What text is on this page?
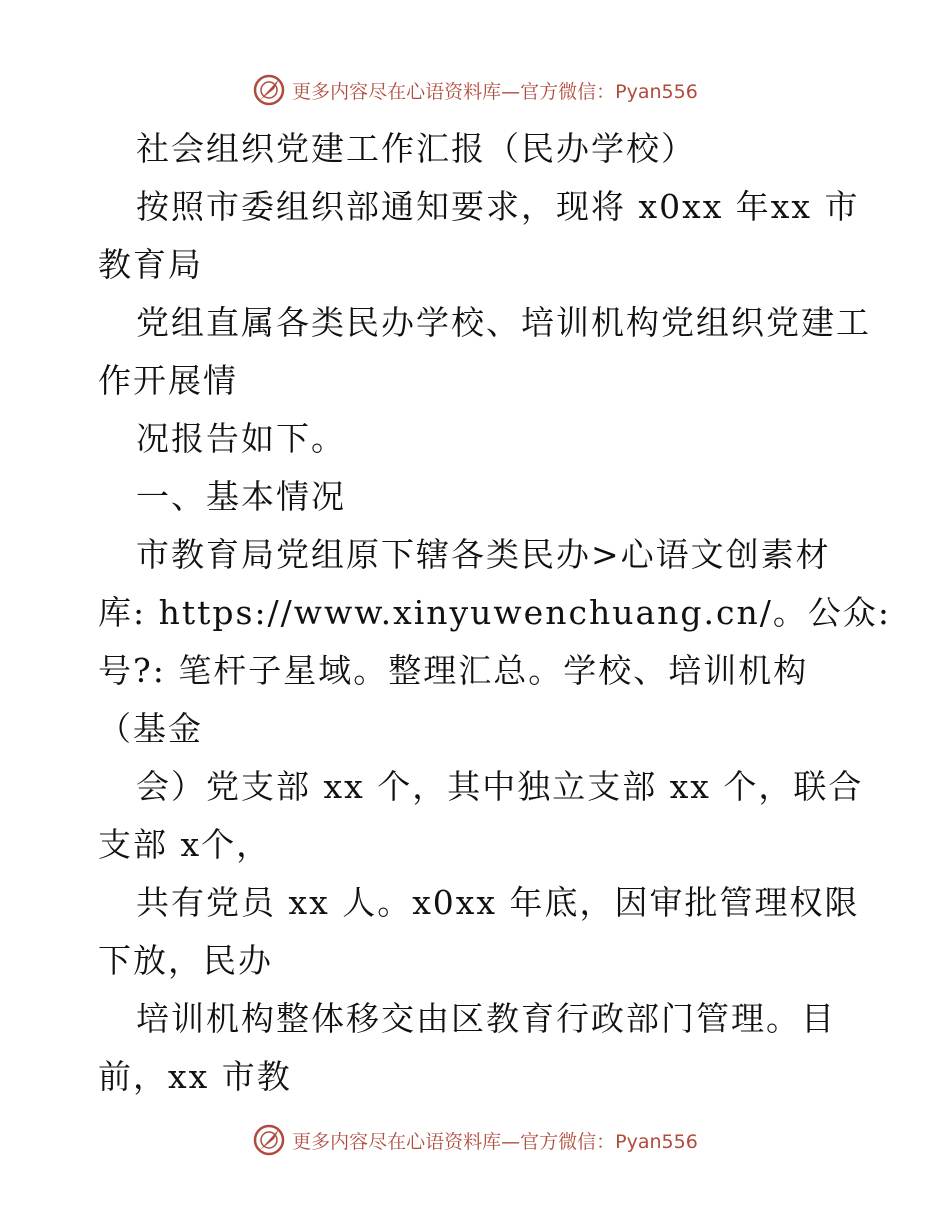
更多内容尽在心语资料库—官方微信：Pyan556
社会组织党建工作汇报（民办学校）
按照市委组织部通知要求，现将 x0xx 年xx 市
教育局
党组直属各类民办学校、培训机构党组织党建工
作开展情
况报告如下。
一、基本情况
市教育局党组原下辖各类民办>心语文创素材
库: https://www.xinyuwenchuang.cn/。公众:
号?: 笔杆子星域。整理汇总。学校、培训机构
（基金
会）党支部 xx 个，其中独立支部 xx 个，联合
支部 x个，
共有党员 xx 人。x0xx 年底，因审批管理权限
下放，民办
培训机构整体移交由区教育行政部门管理。目
前，xx 市教
更多内容尽在心语资料库—官方微信：Pyan556
